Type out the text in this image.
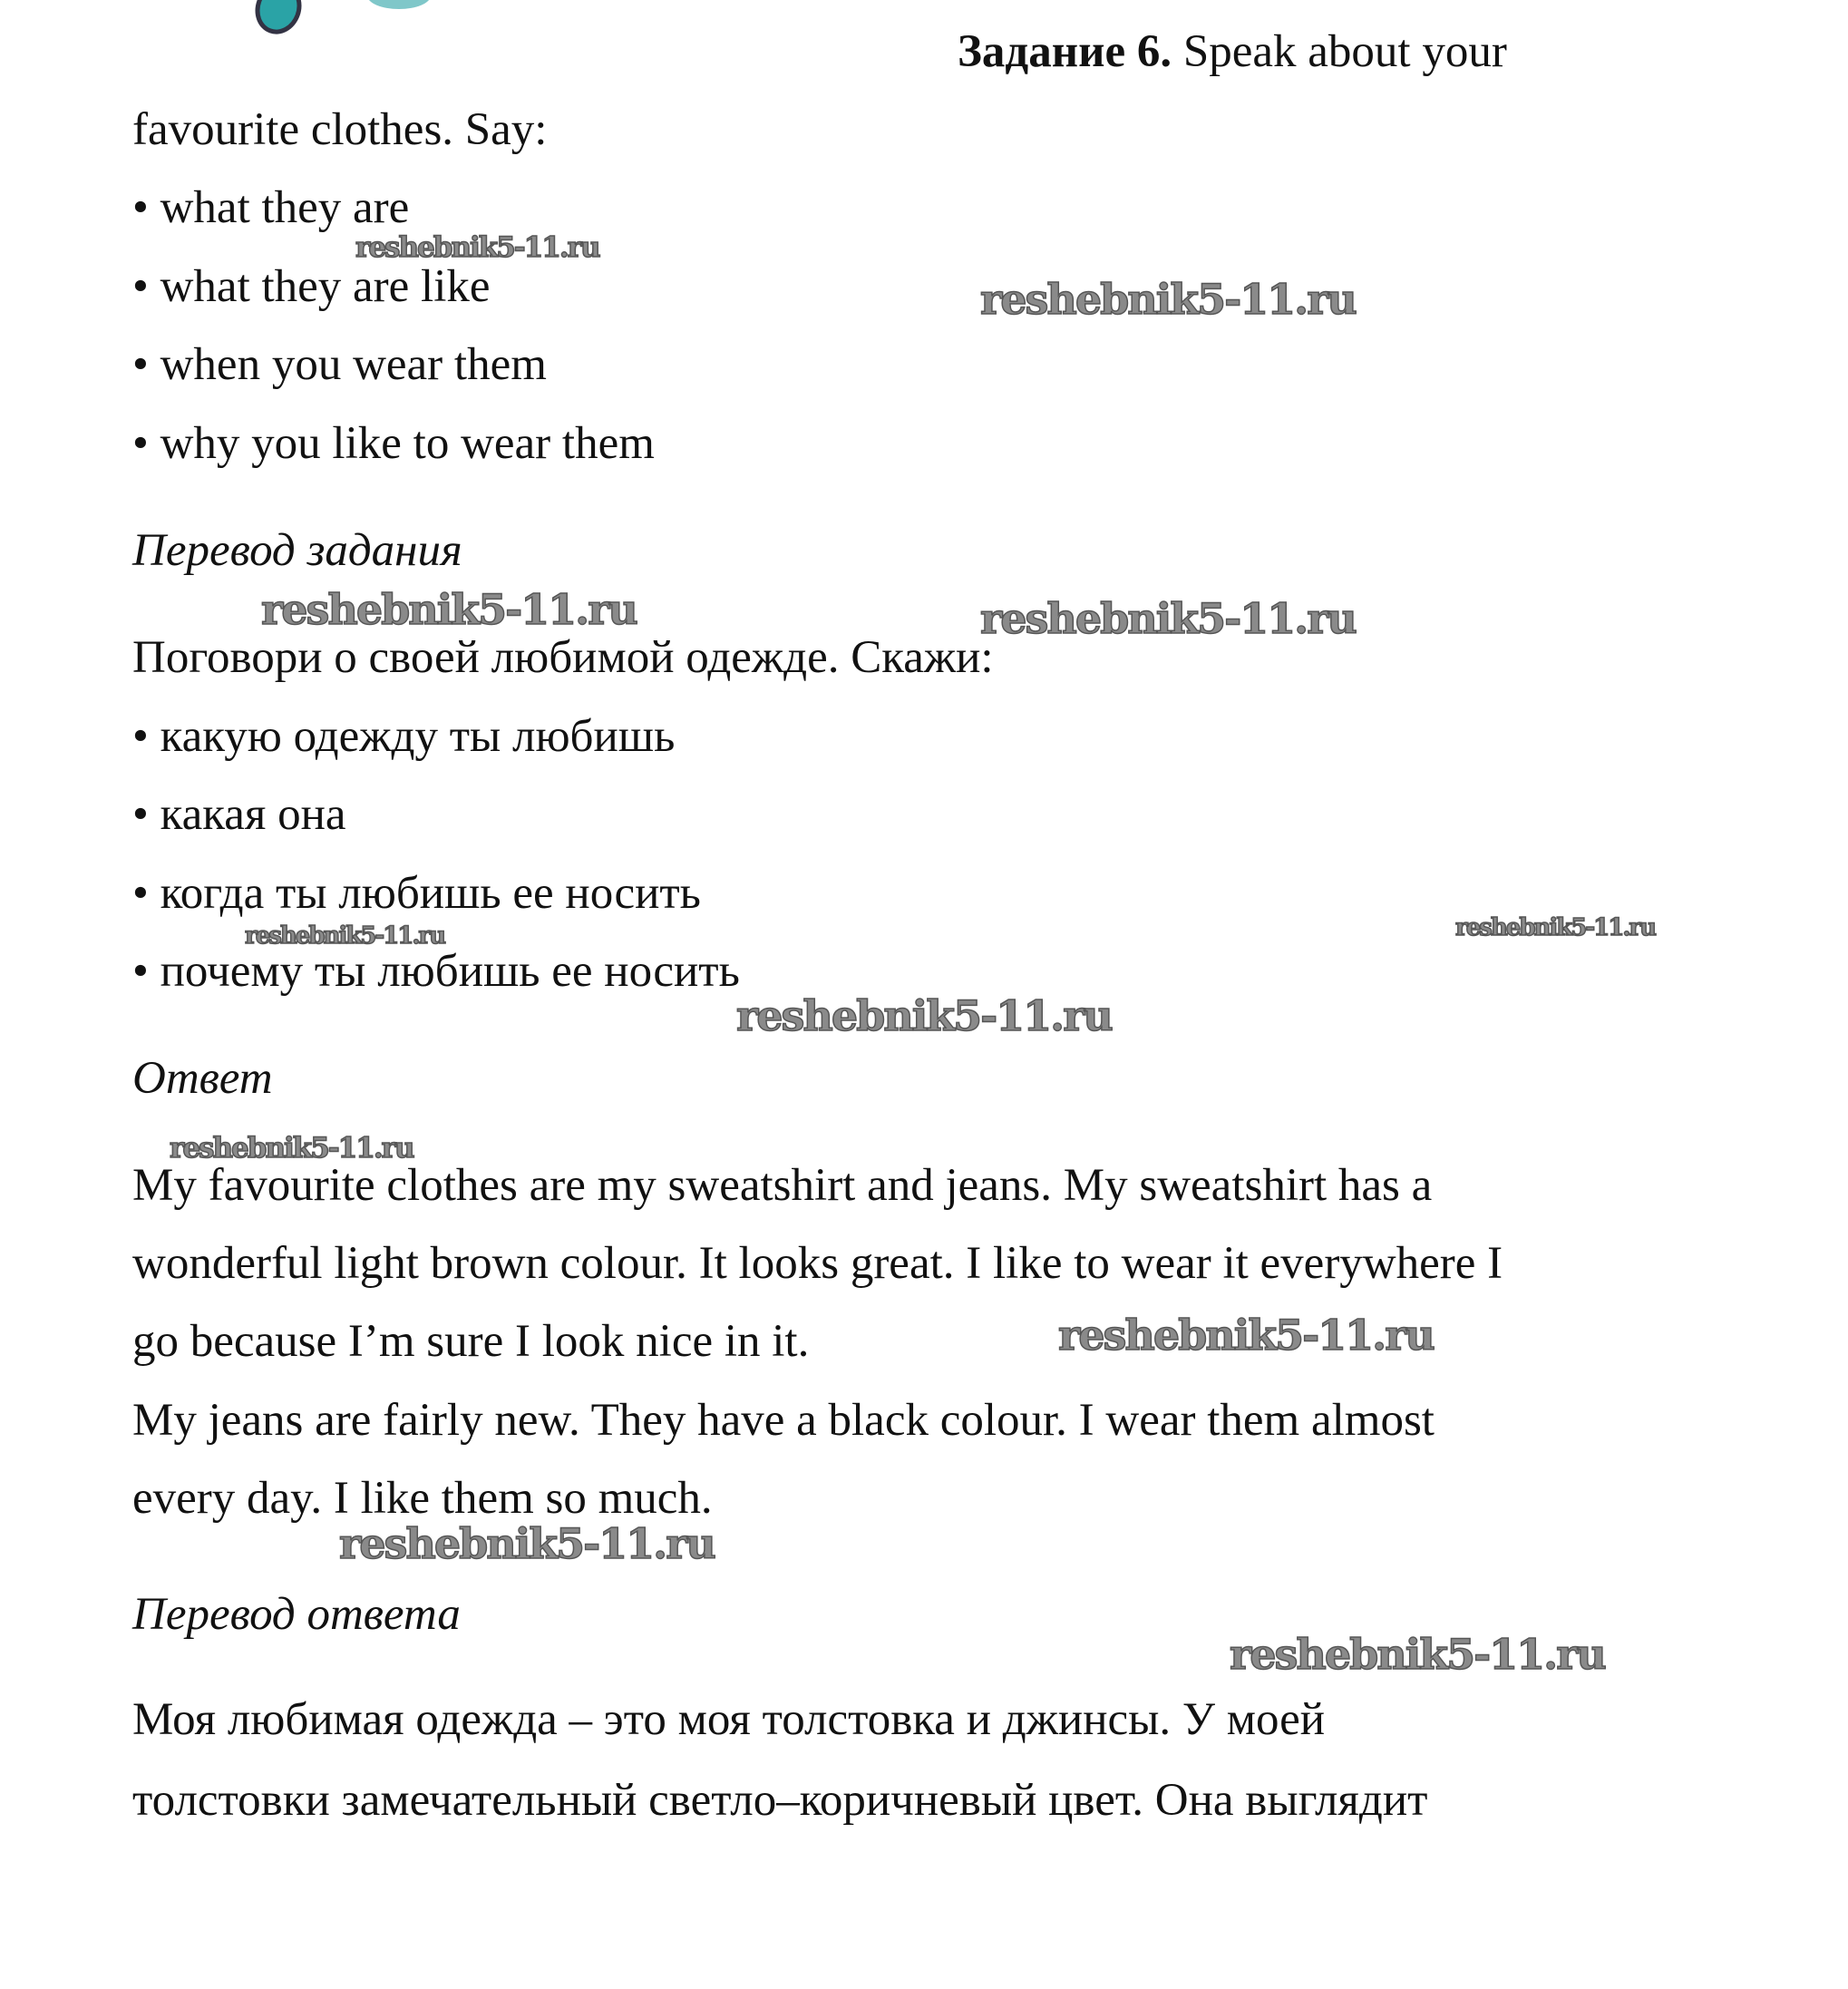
Задание 6. Speak about your
favourite clothes. Say:
• what they are
• what they are like
• when you wear them
• why you like to wear them
Перевод задания
Поговори о своей любимой одежде. Скажи:
• какую одежду ты любишь
• какая она
• когда ты любишь ее носить
• почему ты любишь ее носить
Ответ
My favourite clothes are my sweatshirt and jeans. My sweatshirt has a
wonderful light brown colour. It looks great. I like to wear it everywhere I
go because I’m sure I look nice in it.
My jeans are fairly new. They have a black colour. I wear them almost
every day. I like them so much.
Перевод ответа
Моя любимая одежда – это моя толстовка и джинсы. У моей
толстовки замечательный светло–коричневый цвет. Она выглядит
reshebnik5-11.ru
reshebnik5-11.ru
reshebnik5-11.ru	reshebnik5-11.ru
reshebnik5-11.ru	reshebnik5-11.ru
reshebnik5-11.ru
reshebnik5-11.ru
reshebnik5-11.ru
reshebnik5-11.ru
reshebnik5-11.ru
